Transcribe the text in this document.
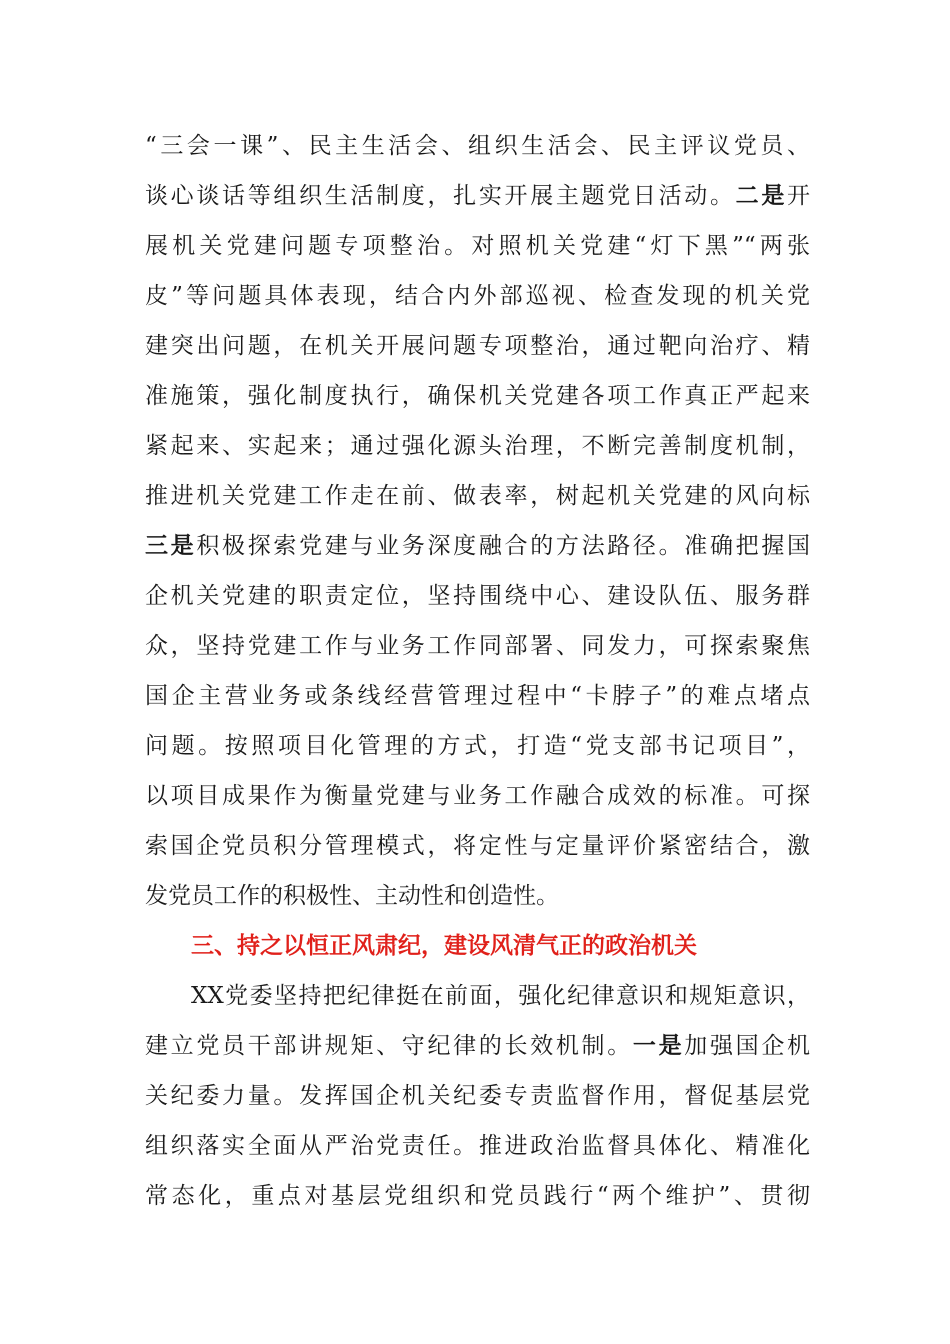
“三会一课”、民主生活会、组织生活会、民主评议党员、
谈心谈话等组织生活制度，扎实开展主题党日活动。二是开
展机关党建问题专项整治。对照机关党建“灯下黑”“两张
皮”等问题具体表现，结合内外部巡视、检查发现的机关党
建突出问题，在机关开展问题专项整治，通过靶向治疗、精
准施策，强化制度执行，确保机关党建各项工作真正严起来
紧起来、实起来；通过强化源头治理，不断完善制度机制，
推进机关党建工作走在前、做表率，树起机关党建的风向标
三是积极探索党建与业务深度融合的方法路径。准确把握国
企机关党建的职责定位，坚持围绕中心、建设队伍、服务群
众，坚持党建工作与业务工作同部署、同发力，可探索聚焦
国企主营业务或条线经营管理过程中“卡脖子”的难点堵点
问题。按照项目化管理的方式，打造“党支部书记项目”，
以项目成果作为衡量党建与业务工作融合成效的标准。可探
索国企党员积分管理模式，将定性与定量评价紧密结合，激
发党员工作的积极性、主动性和创造性。
三、持之以恒正风肃纪，建设风清气正的政治机关
XX党委坚持把纪律挺在前面，强化纪律意识和规矩意识，
建立党员干部讲规矩、守纪律的长效机制。一是加强国企机
关纪委力量。发挥国企机关纪委专责监督作用，督促基层党
组织落实全面从严治党责任。推进政治监督具体化、精准化
常态化，重点对基层党组织和党员践行“两个维护”、贯彻
